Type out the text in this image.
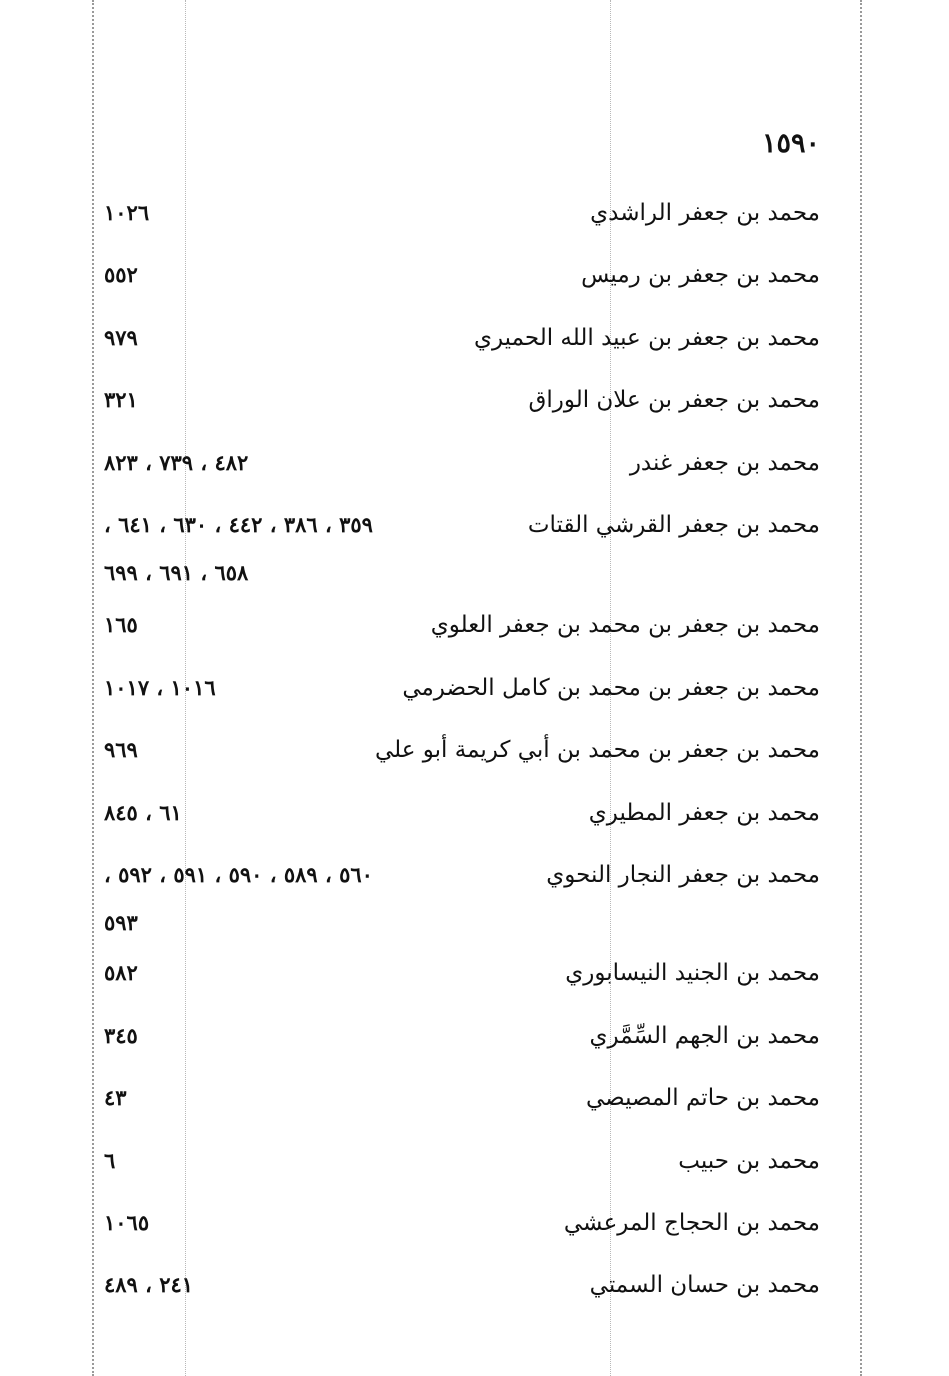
١٥٩٠
محمد بن جعفر الراشدي
١٠٢٦
محمد بن جعفر بن رميس
٥٥٢
محمد بن جعفر بن عبيد الله الحميري
٩٧٩
محمد بن جعفر بن علان الوراق
٣٢١
محمد بن جعفر غندر
٤٨٢ ، ٧٣٩ ، ٨٢٣
محمد بن جعفر القرشي القتات
٣٥٩ ، ٣٨٦ ، ٤٤٢ ، ٦٣٠ ، ٦٤١ ،
٦٥٨ ، ٦٩١ ، ٦٩٩
محمد بن جعفر بن محمد بن جعفر العلوي
١٦٥
محمد بن جعفر بن محمد بن كامل الحضرمي
١٠١٦ ، ١٠١٧
محمد بن جعفر بن محمد بن أبي كريمة أبو علي
٩٦٩
محمد بن جعفر المطيري
٦١ ، ٨٤٥
محمد بن جعفر النجار النحوي
٥٦٠ ، ٥٨٩ ، ٥٩٠ ، ٥٩١ ، ٥٩٢ ،
٥٩٣
محمد بن الجنيد النيسابوري
٥٨٢
محمد بن الجهم السِّمَّري
٣٤٥
محمد بن حاتم المصيصي
٤٣
محمد بن حبيب
٦
محمد بن الحجاج المرعشي
١٠٦٥
محمد بن حسان السمتي
٢٤١ ، ٤٨٩
